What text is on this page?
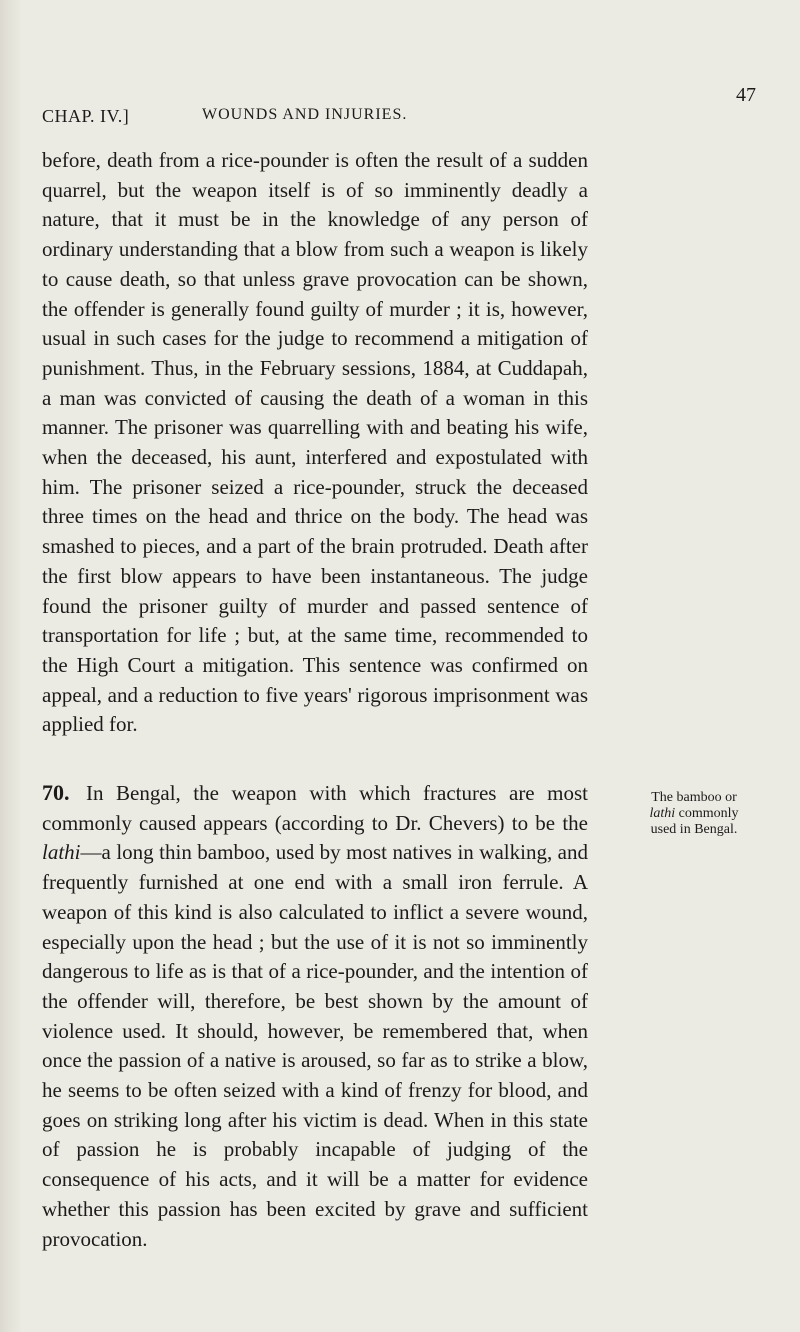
CHAP. IV.]	WOUNDS AND INJURIES.
47

before, death from a rice-pounder is often the result of a sudden quarrel, but the weapon itself is of so imminently deadly a nature, that it must be in the knowledge of any person of ordinary understanding that a blow from such a weapon is likely to cause death, so that unless grave provocation can be shown, the offender is generally found guilty of murder ; it is, however, usual in such cases for the judge to recommend a mitigation of punishment. Thus, in the February sessions, 1884, at Cuddapah, a man was convicted of causing the death of a woman in this manner. The prisoner was quarrelling with and beating his wife, when the deceased, his aunt, interfered and expostulated with him. The prisoner seized a rice-pounder, struck the deceased three times on the head and thrice on the body. The head was smashed to pieces, and a part of the brain protruded. Death after the first blow appears to have been instantaneous. The judge found the prisoner guilty of murder and passed sentence of transportation for life ; but, at the same time, recommended to the High Court a mitigation. This sentence was confirmed on appeal, and a reduction to five years' rigorous imprisonment was applied for.

70. In Bengal, the weapon with which fractures are most commonly caused appears (according to Dr. Chevers) to be the lathi—a long thin bamboo, used by most natives in walking, and frequently furnished at one end with a small iron ferrule. A weapon of this kind is also calculated to inflict a severe wound, especially upon the head ; but the use of it is not so imminently dangerous to life as is that of a rice-pounder, and the intention of the offender will, therefore, be best shown by the amount of violence used. It should, however, be remembered that, when once the passion of a native is aroused, so far as to strike a blow, he seems to be often seized with a kind of frenzy for blood, and goes on striking long after his victim is dead. When in this state of passion he is probably incapable of judging of the consequence of his acts, and it will be a matter for evidence whether this passion has been excited by grave and sufficient provocation.

The bamboo or
lathi commonly
used in Bengal.
